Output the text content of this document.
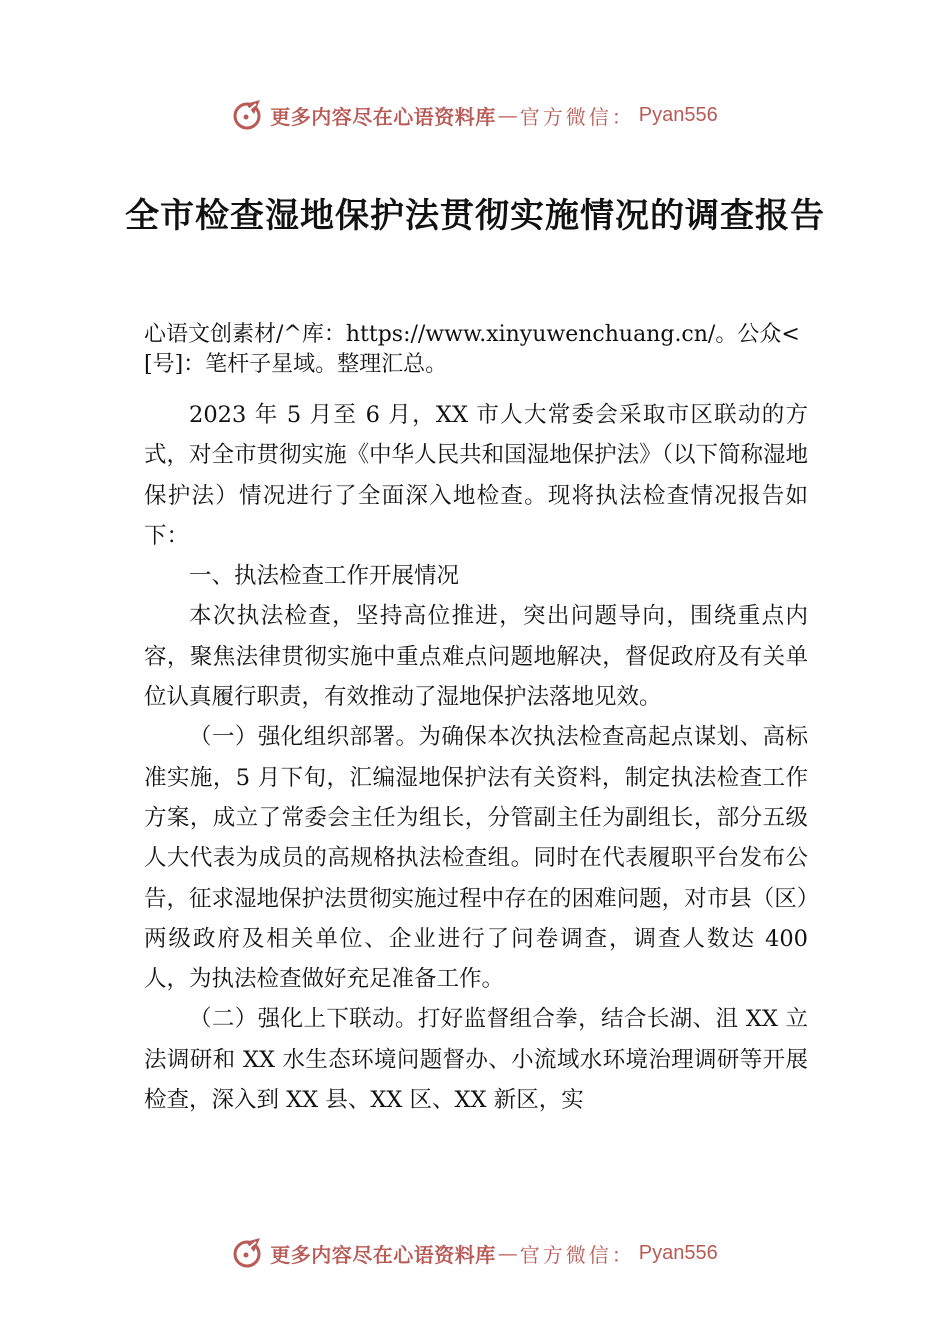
更多内容尽在心语资料库 — 官方微信： Pyan556
全市检查湿地保护法贯彻实施情况的调查报告
心语文创素材/^库：https://www.xinyuwenchuang.cn/。公众<[号]：笔杆子星域。整理汇总。

2023 年 5 月至 6 月，XX 市人大常委会采取市区联动的方式，对全市贯彻实施《中华人民共和国湿地保护法》（以下简称湿地保护法）情况进行了全面深入地检查。现将执法检查情况报告如下：

一、执法检查工作开展情况

本次执法检查，坚持高位推进，突出问题导向，围绕重点内容，聚焦法律贯彻实施中重点难点问题地解决，督促政府及有关单位认真履行职责，有效推动了湿地保护法落地见效。

（一）强化组织部署。为确保本次执法检查高起点谋划、高标准实施，5 月下旬，汇编湿地保护法有关资料，制定执法检查工作方案，成立了常委会主任为组长，分管副主任为副组长，部分五级人大代表为成员的高规格执法检查组。同时在代表履职平台发布公告，征求湿地保护法贯彻实施过程中存在的困难问题，对市县（区）两级政府及相关单位、企业进行了问卷调查，调查人数达 400 人，为执法检查做好充足准备工作。

（二）强化上下联动。打好监督组合拳，结合长湖、沮 XX 立法调研和 XX 水生态环境问题督办、小流域水环境治理调研等开展检查，深入到 XX 县、XX 区、XX 新区，实

更多内容尽在心语资料库 — 官方微信： Pyan556
